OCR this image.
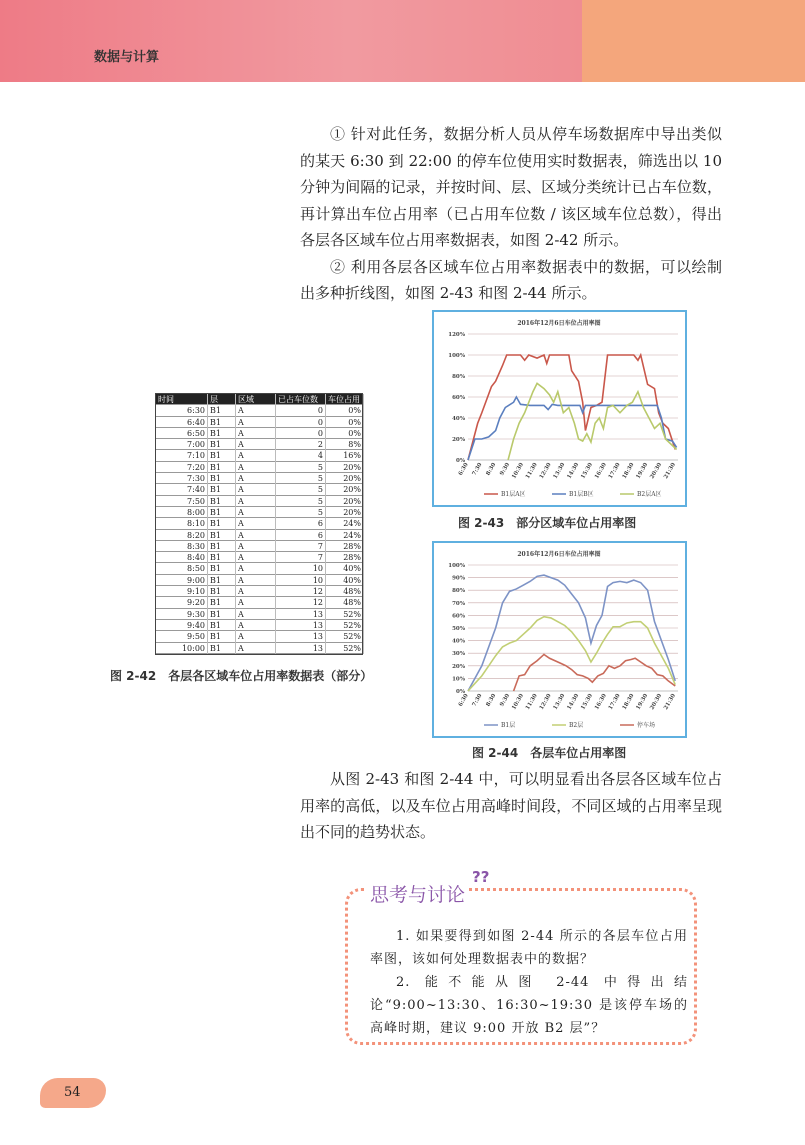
数据与计算

① 针对此任务，数据分析人员从停车场数据库中导出类似的某天 6:30 到 22:00 的停车位使用实时数据表，筛选出以 10 分钟为间隔的记录，并按时间、层、区域分类统计已占车位数，再计算出车位占用率（已占用车位数 / 该区域车位总数），得出各层各区域车位占用率数据表，如图 2-42 所示。

② 利用各层各区域车位占用率数据表中的数据，可以绘制出多种折线图，如图 2-43 和图 2-44 所示。

时间	层	区域	已占车位数	车位占用率
6:30 B1	A	0	0%
6:40 B1	A	0	0%
6:50 B1	A	0	0%
7:00 B1	A	2	8%
7:10 B1	A	4	16%
7:20 B1	A	5	20%
7:30 B1	A	5	20%
7:40 B1	A	5	20%
7:50 B1	A	5	20%
8:00 B1	A	5	20%
8:10 B1	A	6	24%
8:20 B1	A	6	24%
8:30 B1	A	7	28%
8:40 B1	A	7	28%
8:50 B1	A	10	40%
9:00 B1	A	10	40%
9:10 B1	A	12	48%
9:20 B1	A	12	48%
9:30 B1	A	13	52%
9:40 B1	A	13	52%
9:50 B1	A	13	52%
10:00 B1	A	13	52%
图 2-42　各层各区域车位占用率数据表（部分）
2016年12月6日车位占用率图
0%
20%
40%
60%
80%
100%
120%
6:30 7:30 8:30 9:30 10:30 11:30 12:30 13:30 14:30 15:30 16:30 17:30 18:30 19:30 20:30 21:30
B1层A区	B1层B区	B2层A区
图 2-43　部分区域车位占用率图
2016年12月6日车位占用率图
0%
10%
20%
30%
40%
50%
60%
70%
80%
90%
100%
6:30 7:30 8:30 9:30 10:30 11:30 12:30 13:30 14:30 15:30 16:30 17:30 18:30 19:30 20:30 21:30
B1层	B2层	停车场
图 2-44　各层车位占用率图

从图 2-43 和图 2-44 中，可以明显看出各层各区域车位占用率的高低，以及车位占用高峰时间段，不同区域的占用率呈现出不同的趋势状态。

思考与讨论
??

1. 如果要得到如图 2-44 所示的各层车位占用率图，该如何处理数据表中的数据？

2. 能不能从图 2-44 中得出结论“9:00~13:30、16:30~19:30 是该停车场的高峰时期，建议 9:00 开放 B2 层”？

54
